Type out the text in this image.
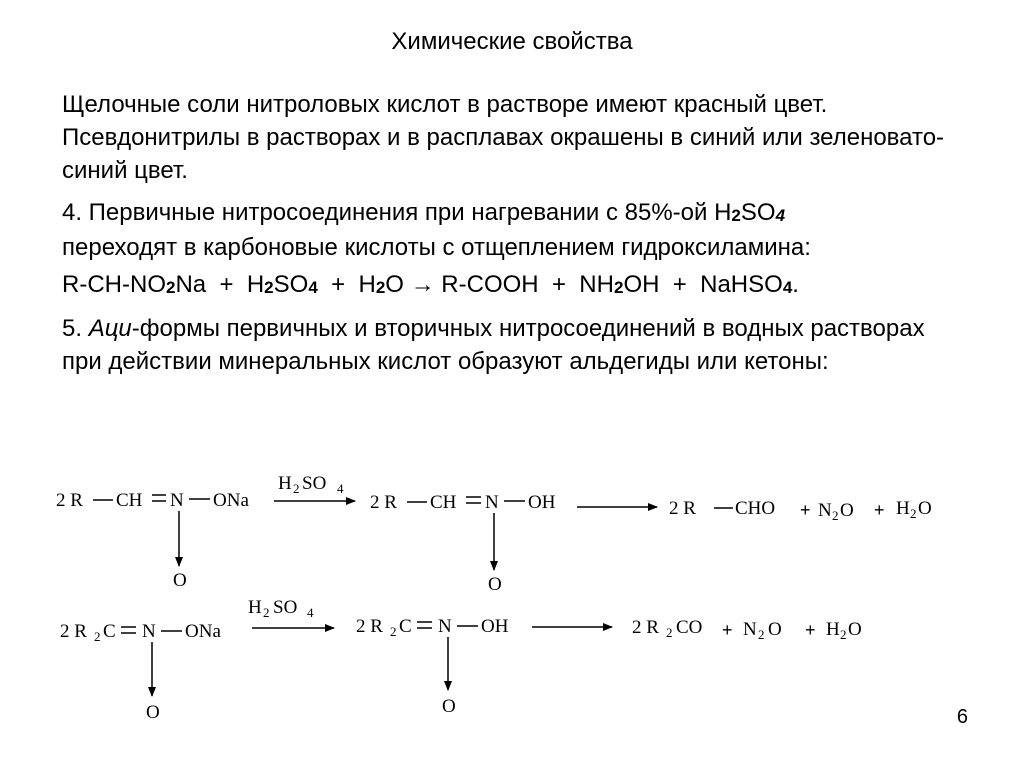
Химические свойства

Щелочные соли нитроловых кислот в растворе имеют красный цвет. Псевдонитрилы в растворах и в расплавах окрашены в синий или зеленовато-синий цвет.

4. Первичные нитросоединения при нагревании с 85%-ой H2SO4
переходят в карбоновые кислоты с отщеплением гидроксиламина:

R-CH-NO2Na  +  H2SO4  +  H2O → R-COOH  +  NH2OH  +  NaHSO4.

5. Аци-формы первичных и вторичных нитросоединений в водных растворах при действии минеральных кислот образуют альдегиды или кетоны:

2 R CH N ONa
O
H 2 SO 4
2 R CH N OH
O
2 R CHO + N 2 O + H 2 O
2 R 2 C N ONa
O
H 2 SO 4
2 R 2 C N OH
O
2 R 2 CO + N 2 O + H 2 O
6
